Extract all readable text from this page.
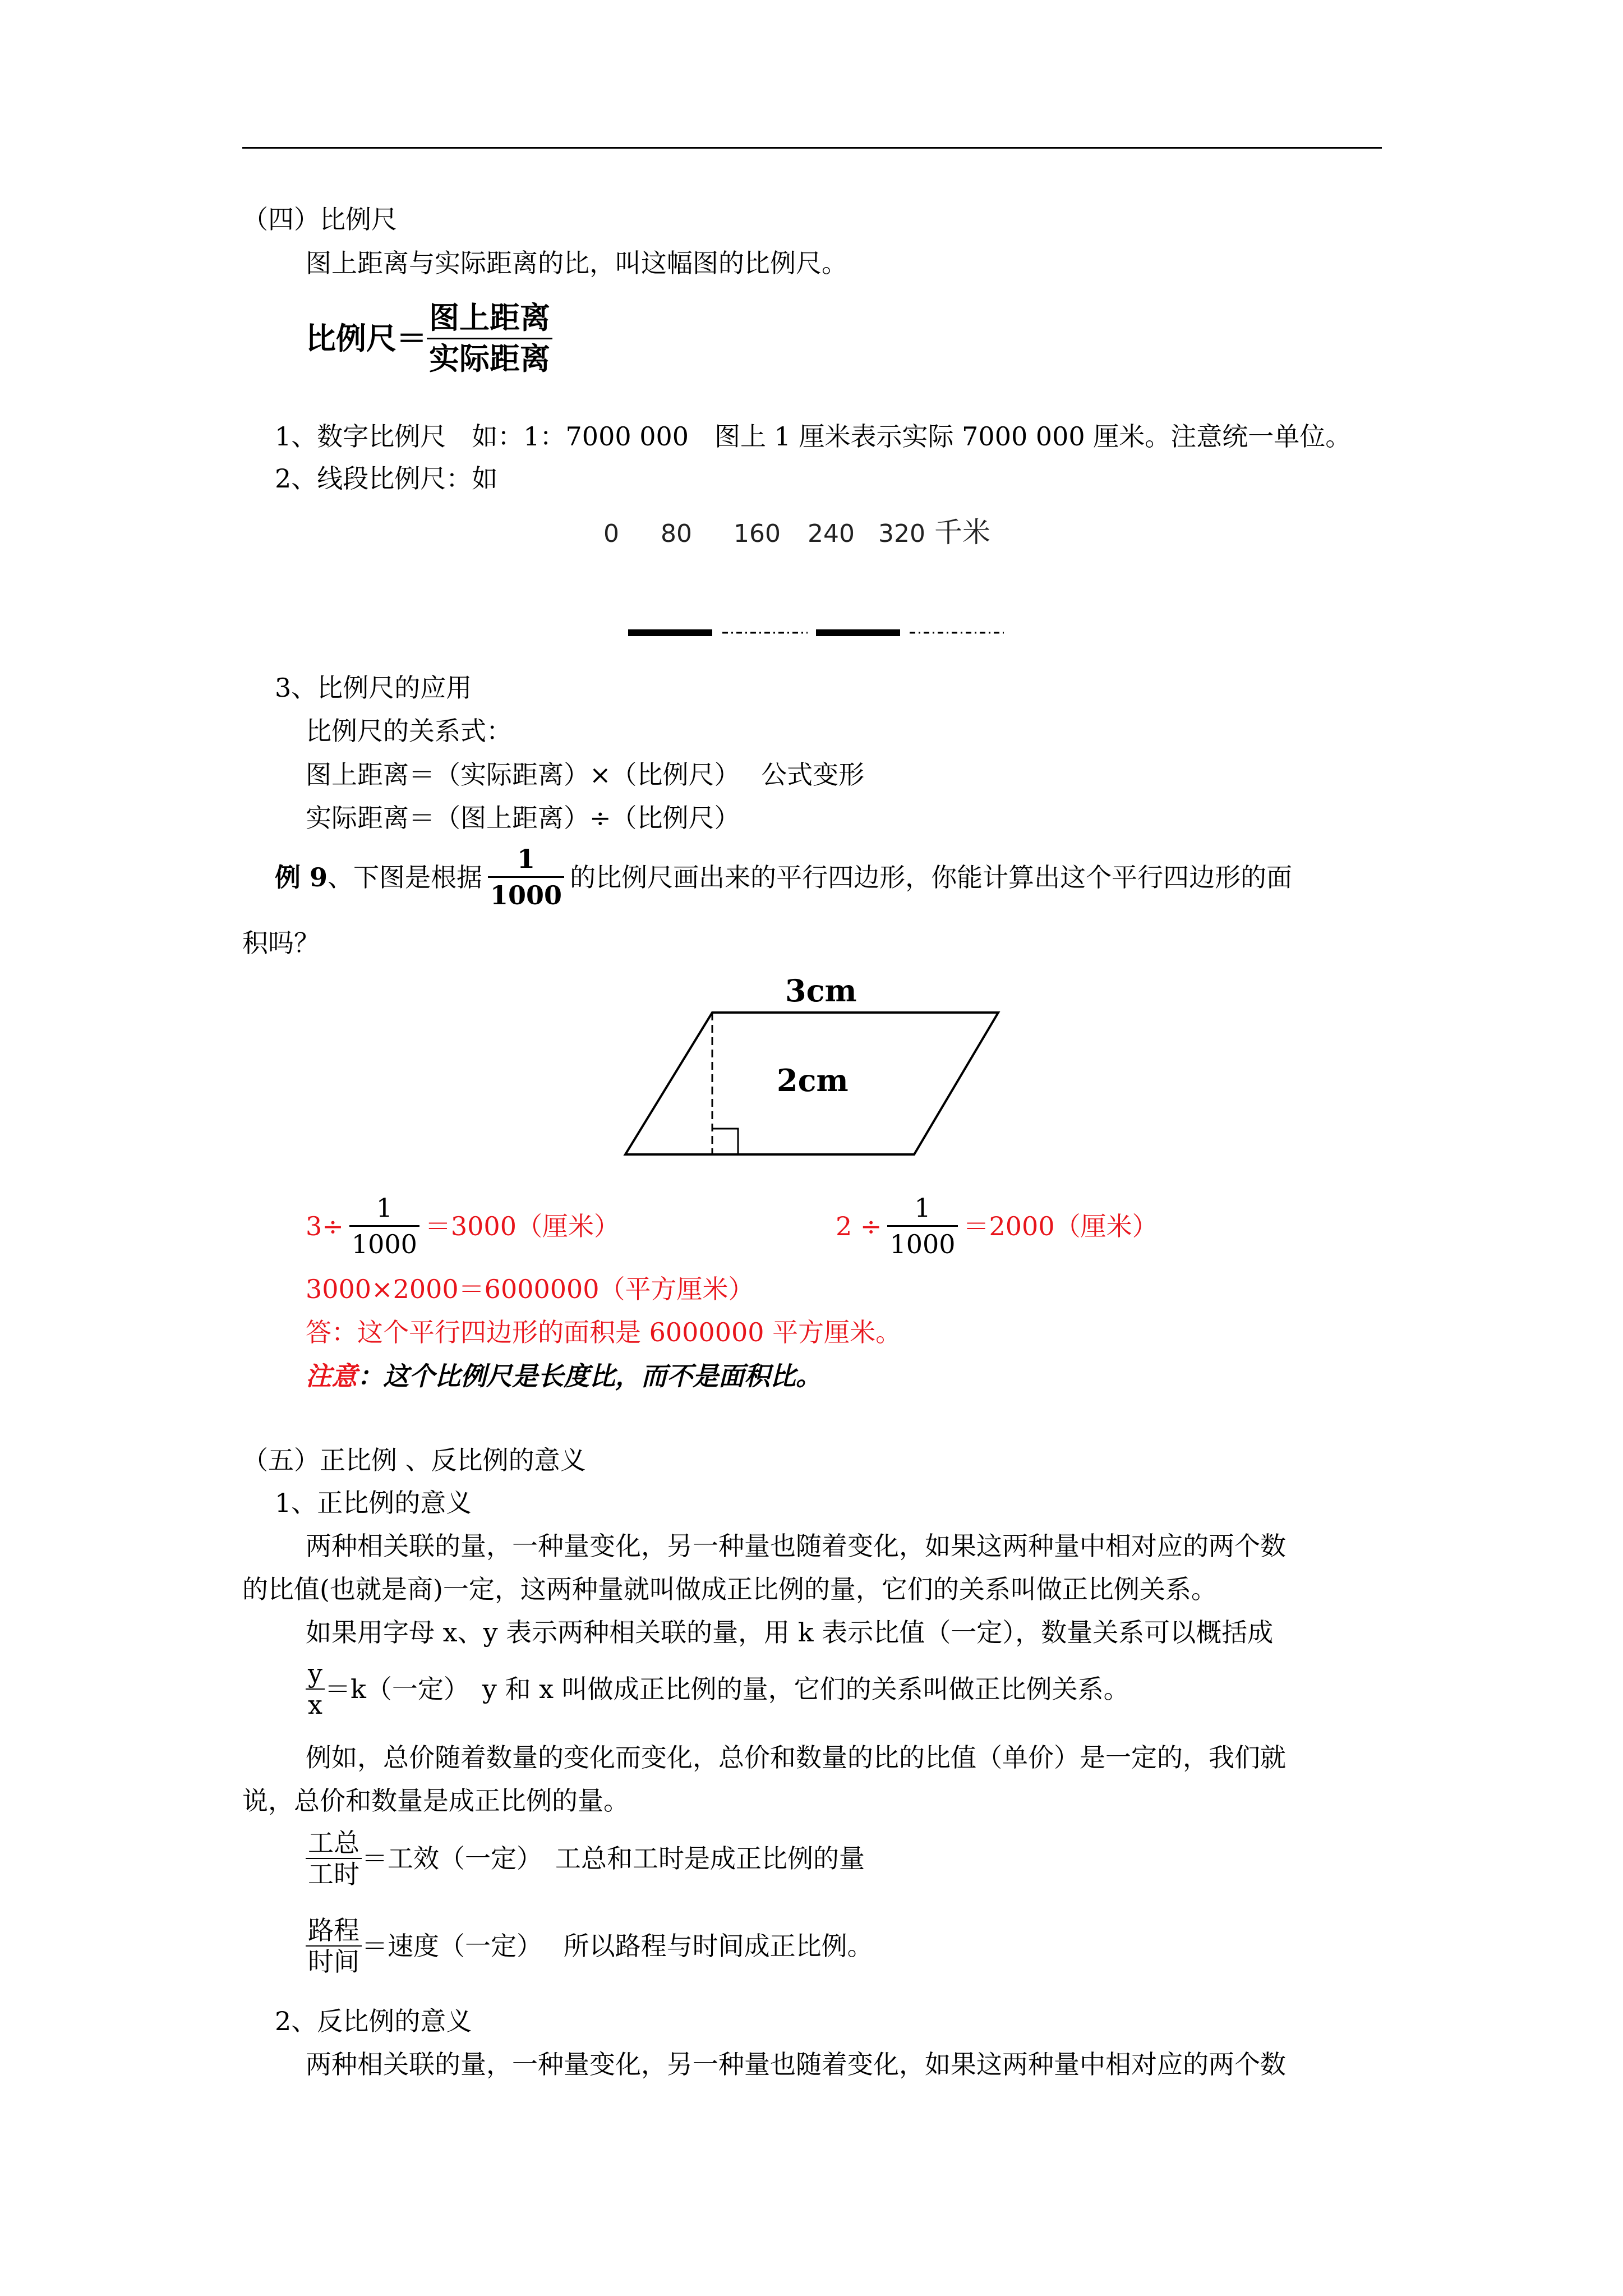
（四）比例尺
图上距离与实际距离的比，叫这幅图的比例尺。
比例尺＝ $\frac{\text{图上距离}}{\text{实际距离}}$
1、数字比例尺　如：1：7000 000　图上 1 厘米表示实际 7000 000 厘米。注意统一单位。
2、线段比例尺：如
0 80 160 240 320 千米
3、比例尺的应用
比例尺的关系式：
图上距离＝（实际距离）×（比例尺）　 公式变形
实际距离＝（图上距离）÷（比例尺）
例 9 、下图是根据 $\frac{1}{1000}$ 的比例尺画出来的平行四边形，你能计算出这个平行四边形的面
积吗？
3cm
2cm
$3\div \frac{1}{1000} =3000$（厘米）	$2 \div \frac{1}{1000} =2000$（厘米）
3000×2000＝6000000（平方厘米）
答：这个平行四边形的面积是 6000000 平方厘米。
注意：这个比例尺是长度比，而不是面积比。
（五）正比例 、反比例的意义
1、正比例的意义
两种相关联的量，一种量变化，另一种量也随着变化，如果这两种量中相对应的两个数
的比值(也就是商)一定，这两种量就叫做成正比例的量，它们的关系叫做正比例关系。
如果用字母 x、y 表示两种相关联的量，用 k 表示比值（一定），数量关系可以概括成
$\frac{y}{x} =k$（一定）　y 和 x 叫做成正比例的量，它们的关系叫做正比例关系。
例如，总价随着数量的变化而变化，总价和数量的比的比值（单价）是一定的，我们就
说，总价和数量是成正比例的量。
$\frac{\text{工总}}{\text{工时}}$ ＝工效（一定）　工总和工时是成正比例的量
$\frac{\text{路程}}{\text{时间}}$ ＝速度（一定）　 所以路程与时间成正比例。
2、反比例的意义
两种相关联的量，一种量变化，另一种量也随着变化，如果这两种量中相对应的两个数
